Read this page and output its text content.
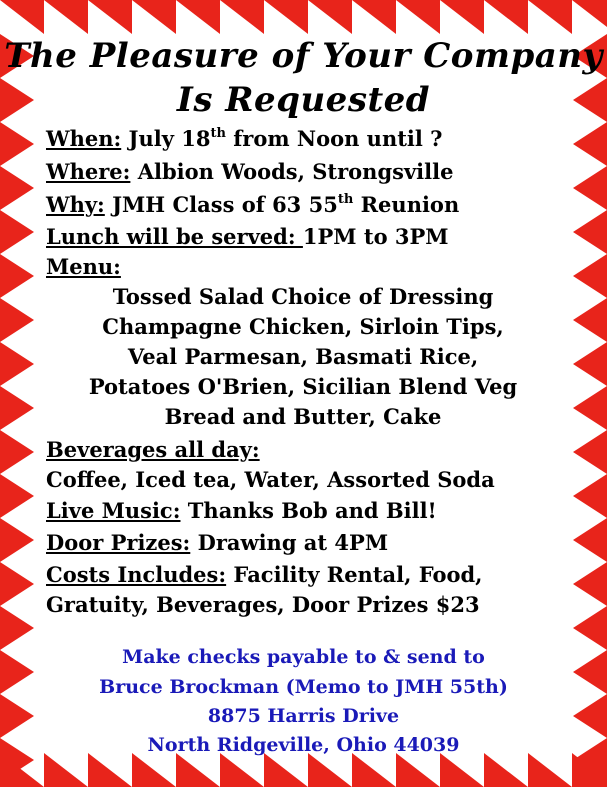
The Pleasure of Your Company
Is Requested
When: July 18th from Noon until ?
Where: Albion Woods, Strongsville
Why: JMH Class of 63 55th Reunion
Lunch will be served: 1PM to 3PM
Menu:
Tossed Salad Choice of Dressing
Champagne Chicken, Sirloin Tips,
Veal Parmesan, Basmati Rice,
Potatoes O'Brien, Sicilian Blend Veg
Bread and Butter, Cake
Beverages all day:
Coffee, Iced tea, Water, Assorted Soda
Live Music: Thanks Bob and Bill!
Door Prizes: Drawing at 4PM
Costs Includes: Facility Rental, Food,
Gratuity, Beverages, Door Prizes $23
Make checks payable to & send to
Bruce Brockman (Memo to JMH 55th)
8875 Harris Drive
North Ridgeville, Ohio 44039
